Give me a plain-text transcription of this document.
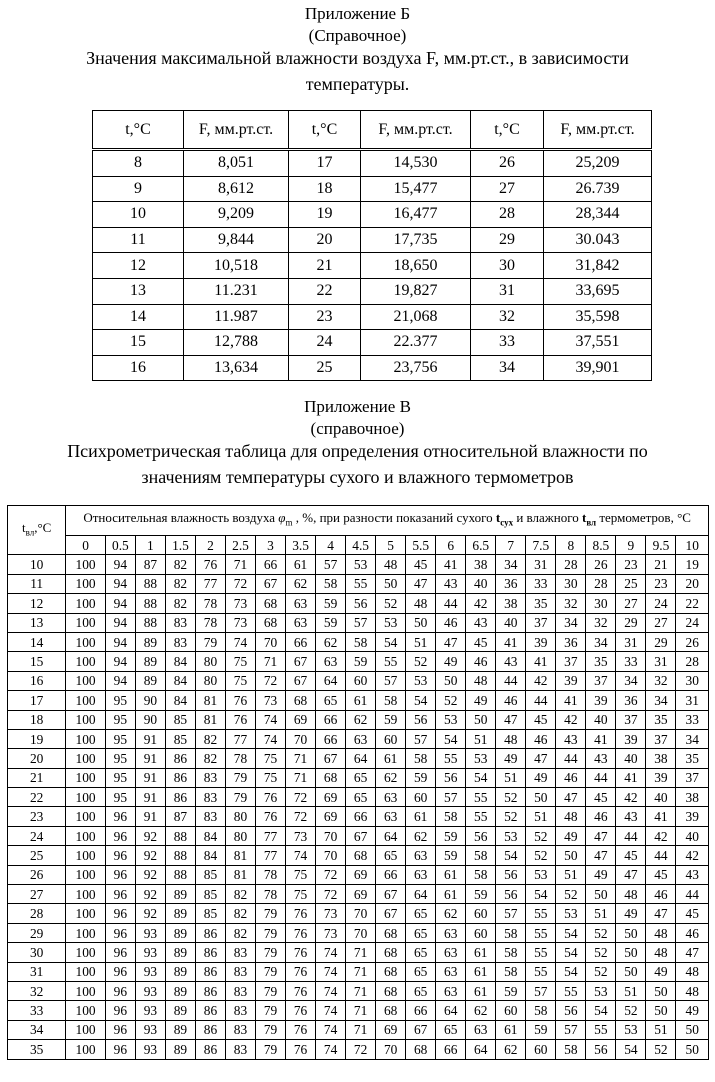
Приложение Б
(Справочное)
Значения максимальной влажности воздуха F, мм.рт.ст., в зависимости
температуры.
t,°C	F, мм.рт.ст.	t,°C	F, мм.рт.ст.	t,°C	F, мм.рт.ст.
8	8,051	17	14,530	26	25,209
9	8,612	18	15,477	27	26.739
10	9,209	19	16,477	28	28,344
11	9,844	20	17,735	29	30.043
12	10,518	21	18,650	30	31,842
13	11.231	22	19,827	31	33,695
14	11.987	23	21,068	32	35,598
15	12,788	24	22.377	33	37,551
16	13,634	25	23,756	34	39,901
Приложение В
(справочное)
Психрометрическая таблица для определения относительной влажности по
значениям температуры сухого и влажного термометров
$t_{вл},^\circ С$	Относительная влажность воздуха $\varphi_m$ , %, при разности показаний сухого $t_{сух}$ и влажного $t_{вл}$ термометров, °С																				
	0	0.5	1	1.5	2	2.5	3	3.5	4	4.5	5	5.5	6	6.5	7	7.5	8	8.5	9	9.5	10
10	100	94	87	82	76	71	66	61	57	53	48	45	41	38	34	31	28	26	23	21	19
11	100	94	88	82	77	72	67	62	58	55	50	47	43	40	36	33	30	28	25	23	20
12	100	94	88	82	78	73	68	63	59	56	52	48	44	42	38	35	32	30	27	24	22
13	100	94	88	83	78	73	68	63	59	57	53	50	46	43	40	37	34	32	29	27	24
14	100	94	89	83	79	74	70	66	62	58	54	51	47	45	41	39	36	34	31	29	26
15	100	94	89	84	80	75	71	67	63	59	55	52	49	46	43	41	37	35	33	31	28
16	100	94	89	84	80	75	72	67	64	60	57	53	50	48	44	42	39	37	34	32	30
17	100	95	90	84	81	76	73	68	65	61	58	54	52	49	46	44	41	39	36	34	31
18	100	95	90	85	81	76	74	69	66	62	59	56	53	50	47	45	42	40	37	35	33
19	100	95	91	85	82	77	74	70	66	63	60	57	54	51	48	46	43	41	39	37	34
20	100	95	91	86	82	78	75	71	67	64	61	58	55	53	49	47	44	43	40	38	35
21	100	95	91	86	83	79	75	71	68	65	62	59	56	54	51	49	46	44	41	39	37
22	100	95	91	86	83	79	76	72	69	65	63	60	57	55	52	50	47	45	42	40	38
23	100	96	91	87	83	80	76	72	69	66	63	61	58	55	52	51	48	46	43	41	39
24	100	96	92	88	84	80	77	73	70	67	64	62	59	56	53	52	49	47	44	42	40
25	100	96	92	88	84	81	77	74	70	68	65	63	59	58	54	52	50	47	45	44	42
26	100	96	92	88	85	81	78	75	72	69	66	63	61	58	56	53	51	49	47	45	43
27	100	96	92	89	85	82	78	75	72	69	67	64	61	59	56	54	52	50	48	46	44
28	100	96	92	89	85	82	79	76	73	70	67	65	62	60	57	55	53	51	49	47	45
29	100	96	93	89	86	82	79	76	73	70	68	65	63	60	58	55	54	52	50	48	46
30	100	96	93	89	86	83	79	76	74	71	68	65	63	61	58	55	54	52	50	48	47
31	100	96	93	89	86	83	79	76	74	71	68	65	63	61	58	55	54	52	50	49	48
32	100	96	93	89	86	83	79	76	74	71	68	65	63	61	59	57	55	53	51	50	48
33	100	96	93	89	86	83	79	76	74	71	68	66	64	62	60	58	56	54	52	50	49
34	100	96	93	89	86	83	79	76	74	71	69	67	65	63	61	59	57	55	53	51	50
35	100	96	93	89	86	83	79	76	74	72	70	68	66	64	62	60	58	56	54	52	50
